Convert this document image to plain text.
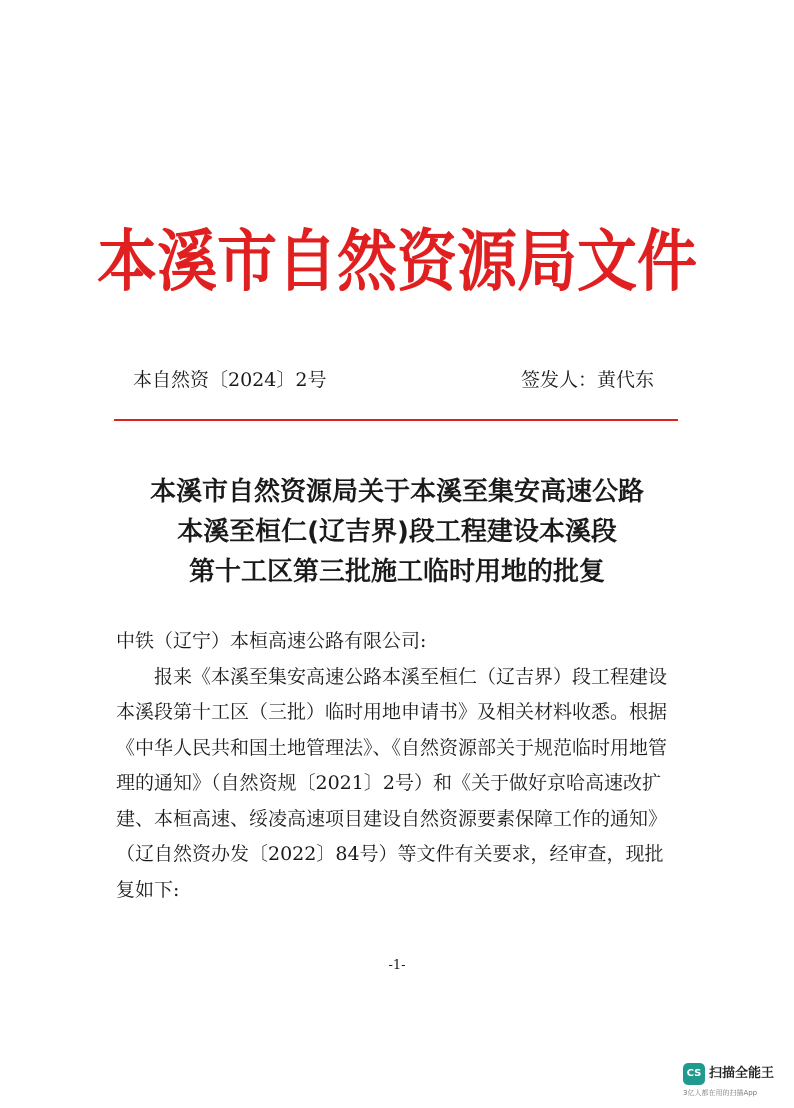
本溪市自然资源局文件
本自然资〔2024〕2号	签发人：黄代东
本溪市自然资源局关于本溪至集安高速公路
本溪至桓仁(辽吉界)段工程建设本溪段
第十工区第三批施工临时用地的批复

中铁（辽宁）本桓高速公路有限公司:

报来《本溪至集安高速公路本溪至桓仁（辽吉界）段工程建设本溪段第十工区（三批）临时用地申请书》及相关材料收悉。根据《中华人民共和国土地管理法》、《自然资源部关于规范临时用地管理的通知》（自然资规〔2021〕2号）和《关于做好京哈高速改扩建、本桓高速、绥凌高速项目建设自然资源要素保障工作的通知》（辽自然资办发〔2022〕84号）等文件有关要求，经审查，现批复如下:

-1-
CS 扫描全能王
3亿人都在用的扫描App
